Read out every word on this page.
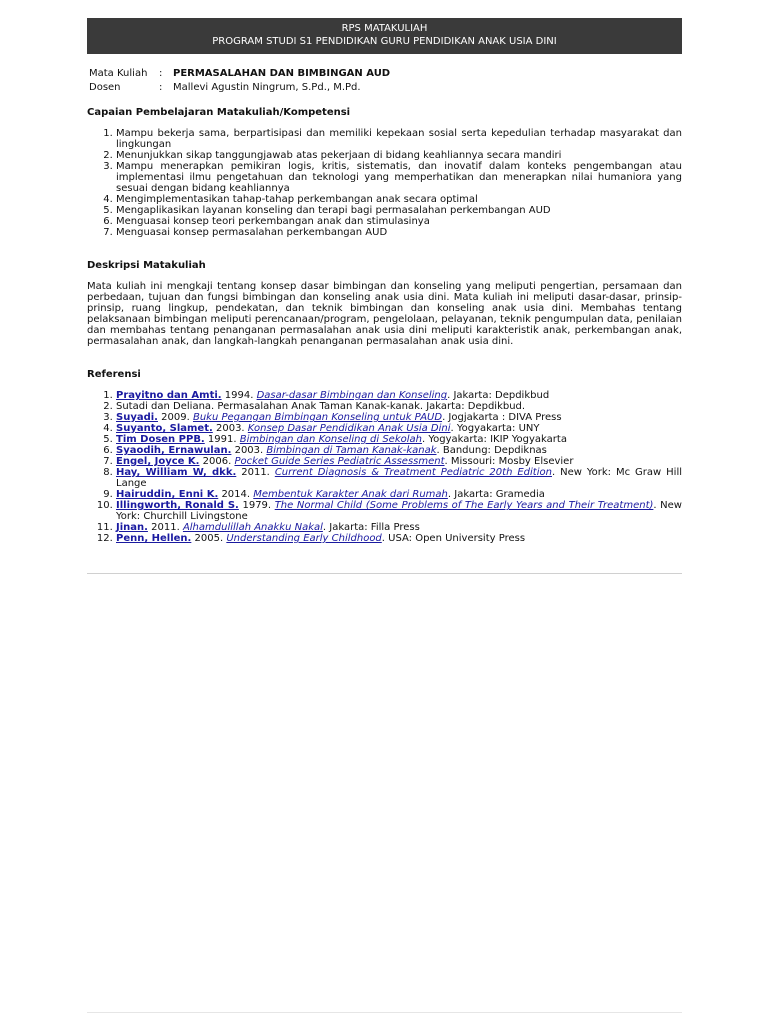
RPS MATAKULIAH
PROGRAM STUDI S1 PENDIDIKAN GURU PENDIDIKAN ANAK USIA DINI
Mata Kuliah	:	PERMASALAHAN DAN BIMBINGAN AUD
Dosen	:	Mallevi Agustin Ningrum, S.Pd., M.Pd.
Capaian Pembelajaran Matakuliah/Kompetensi
1. Mampu bekerja sama, berpartisipasi dan memiliki kepekaan sosial serta kepedulian terhadap masyarakat dan lingkungan
2. Menunjukkan sikap tanggungjawab atas pekerjaan di bidang keahliannya secara mandiri
3. Mampu menerapkan pemikiran logis, kritis, sistematis, dan inovatif dalam konteks pengembangan atau implementasi ilmu pengetahuan dan teknologi yang memperhatikan dan menerapkan nilai humaniora yang sesuai dengan bidang keahliannya
4. Mengimplementasikan tahap-tahap perkembangan anak secara optimal
5. Mengaplikasikan layanan konseling dan terapi bagi permasalahan perkembangan AUD
6. Menguasai konsep teori perkembangan anak dan stimulasinya
7. Menguasai konsep permasalahan perkembangan AUD
Deskripsi Matakuliah

Mata kuliah ini mengkaji tentang konsep dasar bimbingan dan konseling yang meliputi pengertian, persamaan dan perbedaan, tujuan dan fungsi bimbingan dan konseling anak usia dini. Mata kuliah ini meliputi dasar-dasar, prinsip-prinsip, ruang lingkup, pendekatan, dan teknik bimbingan dan konseling anak usia dini. Membahas tentang pelaksanaan bimbingan meliputi perencanaan/program, pengelolaan, pelayanan, teknik pengumpulan data, penilaian dan membahas tentang penanganan permasalahan anak usia dini meliputi karakteristik anak, perkembangan anak, permasalahan anak, dan langkah-langkah penanganan permasalahan anak usia dini.

Referensi
1. Prayitno dan Amti. 1994. Dasar-dasar Bimbingan dan Konseling. Jakarta: Depdikbud
2. Sutadi dan Deliana. Permasalahan Anak Taman Kanak-kanak. Jakarta: Depdikbud.
3. Suyadi. 2009. Buku Pegangan Bimbingan Konseling untuk PAUD. Jogjakarta : DIVA Press
4. Suyanto, Slamet. 2003. Konsep Dasar Pendidikan Anak Usia Dini. Yogyakarta: UNY
5. Tim Dosen PPB. 1991. Bimbingan dan Konseling di Sekolah. Yogyakarta: IKIP Yogyakarta
6. Syaodih, Ernawulan. 2003. Bimbingan di Taman Kanak-kanak. Bandung: Depdiknas
7. Engel, Joyce K. 2006. Pocket Guide Series Pediatric Assessment. Missouri: Mosby Elsevier
8. Hay, William W, dkk. 2011. Current Diagnosis & Treatment Pediatric 20th Edition. New York: Mc Graw Hill Lange
9. Hairuddin, Enni K. 2014. Membentuk Karakter Anak dari Rumah. Jakarta: Gramedia
10. Illingworth, Ronald S. 1979. The Normal Child (Some Problems of The Early Years and Their Treatment). New York: Churchill Livingstone
11. Jinan. 2011. Alhamdulillah Anakku Nakal. Jakarta: Filla Press
12. Penn, Hellen. 2005. Understanding Early Childhood. USA: Open University Press
